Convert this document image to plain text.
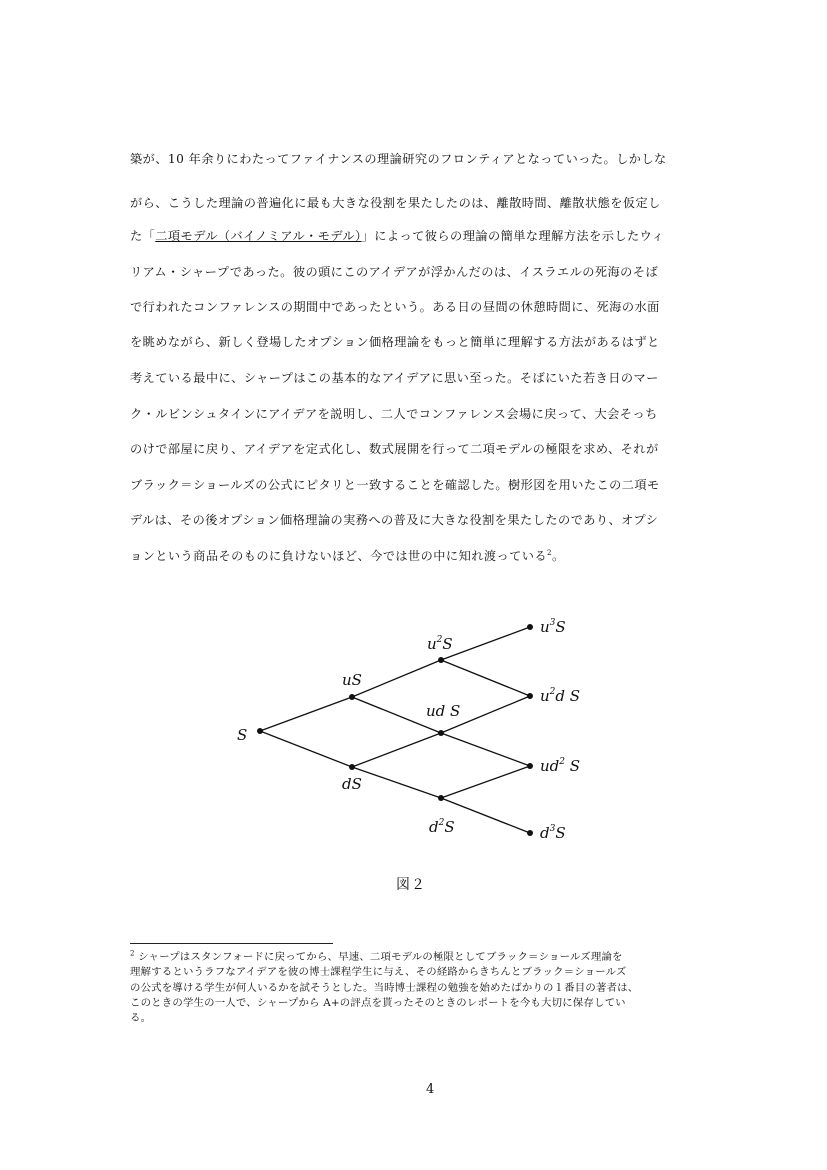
築が、10 年余りにわたってファイナンスの理論研究のフロンティアとなっていった。しかしな
がら、こうした理論の普遍化に最も大きな役割を果たしたのは、離散時間、離散状態を仮定し
た「二項モデル（バイノミアル・モデル）」によって彼らの理論の簡単な理解方法を示したウィ
リアム・シャープであった。彼の頭にこのアイデアが浮かんだのは、イスラエルの死海のそば
で行われたコンファレンスの期間中であったという。ある日の昼間の休憩時間に、死海の水面
を眺めながら、新しく登場したオプション価格理論をもっと簡単に理解する方法があるはずと
考えている最中に、シャープはこの基本的なアイデアに思い至った。そばにいた若き日のマー
ク・ルビンシュタインにアイデアを説明し、二人でコンファレンス会場に戻って、大会そっち
のけで部屋に戻り、アイデアを定式化し、数式展開を行って二項モデルの極限を求め、それが
ブラック＝ショールズの公式にピタリと一致することを確認した。樹形図を用いたこの二項モ
デルは、その後オプション価格理論の実務への普及に大きな役割を果たしたのであり、オプシ
ョンという商品そのものに負けないほど、今では世の中に知れ渡っている$^2$。
S
uS
dS
$u^2S$
ud S
$d^2S$
$u^3S$
$u^2d$ S
$ud^2$ S
$d^3S$
図２
$^2$ シャープはスタンフォードに戻ってから、早速、二項モデルの極限としてブラック＝ショールズ理論を
理解するというラフなアイデアを彼の博士課程学生に与え、その経路からきちんとブラック＝ショールズ
の公式を導ける学生が何人いるかを試そうとした。当時博士課程の勉強を始めたばかりの１番目の著者は、
このときの学生の一人で、シャープから A+の評点を貰ったそのときのレポートを今も大切に保存してい
る。
4
